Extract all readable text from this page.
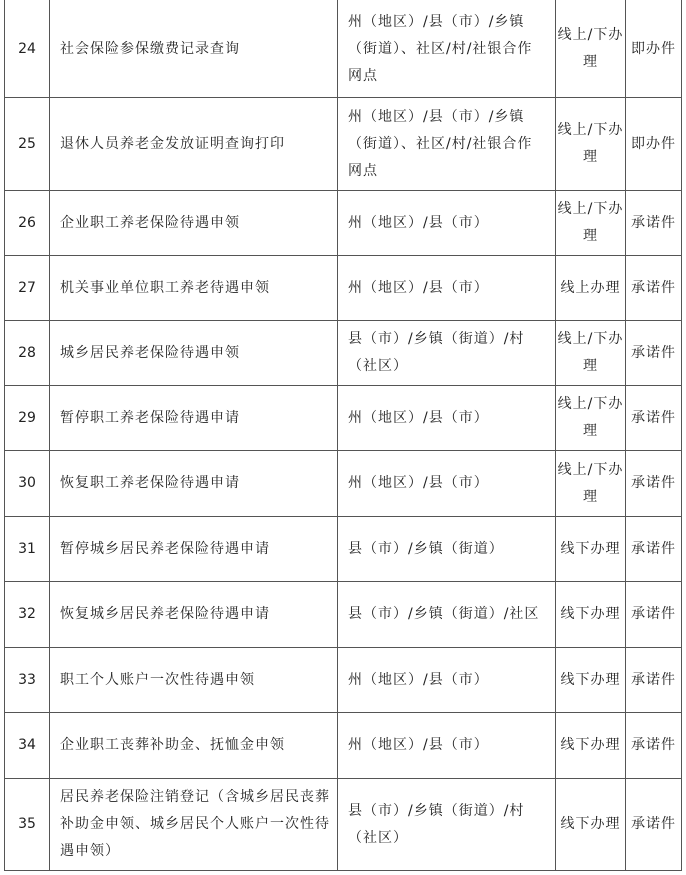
24	社会保险参保缴费记录查询	州（地区）/县（市）/乡镇（街道）、社区/村/社银合作网点	线上/下办理	即办件
25	退休人员养老金发放证明查询打印	州（地区）/县（市）/乡镇（街道）、社区/村/社银合作网点	线上/下办理	即办件
26	企业职工养老保险待遇申领	州（地区）/县（市）	线上/下办理	承诺件
27	机关事业单位职工养老待遇申领	州（地区）/县（市）	线上办理	承诺件
28	城乡居民养老保险待遇申领	县（市）/乡镇（街道）/村（社区）	线上/下办理	承诺件
29	暂停职工养老保险待遇申请	州（地区）/县（市）	线上/下办理	承诺件
30	恢复职工养老保险待遇申请	州（地区）/县（市）	线上/下办理	承诺件
31	暂停城乡居民养老保险待遇申请	县（市）/乡镇（街道）	线下办理	承诺件
32	恢复城乡居民养老保险待遇申请	县（市）/乡镇（街道）/社区	线下办理	承诺件
33	职工个人账户一次性待遇申领	州（地区）/县（市）	线下办理	承诺件
34	企业职工丧葬补助金、抚恤金申领	州（地区）/县（市）	线下办理	承诺件
35	居民养老保险注销登记（含城乡居民丧葬补助金申领、城乡居民个人账户一次性待遇申领）	县（市）/乡镇（街道）/村（社区）	线下办理	承诺件
